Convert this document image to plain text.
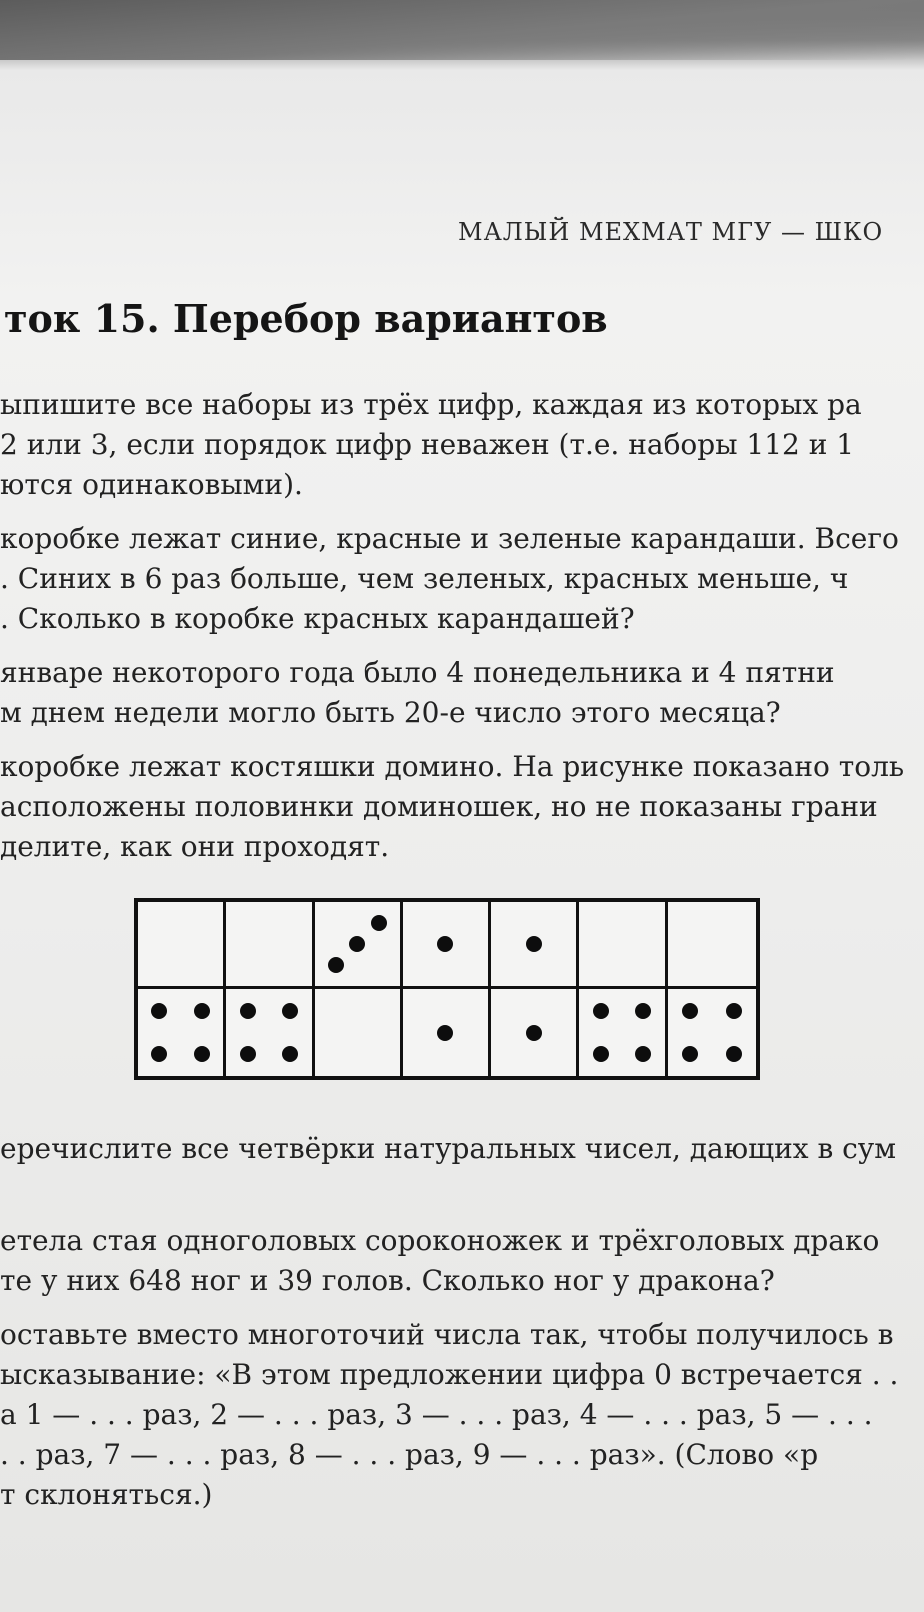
МАЛЫЙ МЕХМАТ МГУ — ШКО
ток 15. Перебор вариантов
ыпишите все наборы из трёх цифр, каждая из которых ра
2 или 3, если порядок цифр неважен (т.е. наборы 112 и 1
ются одинаковыми).
коробке лежат синие, красные и зеленые карандаши. Всего
. Синих в 6 раз больше, чем зеленых, красных меньше, ч
. Сколько в коробке красных карандашей?
январе некоторого года было 4 понедельника и 4 пятни
м днем недели могло быть 20-е число этого месяца?
коробке лежат костяшки домино. На рисунке показано толь
асположены половинки доминошек, но не показаны грани
делите, как они проходят.
еречислите все четвёрки натуральных чисел, дающих в сум
етела стая одноголовых сороконожек и трёхголовых драко
те у них 648 ног и 39 голов. Сколько ног у дракона?
оставьте вместо многоточий числа так, чтобы получилось в
ысказывание: «В этом предложении цифра 0 встречается . .
а 1 — . . . раз, 2 — . . . раз, 3 — . . . раз, 4 — . . . раз, 5 — . . .
. . раз, 7 — . . . раз, 8 — . . . раз, 9 — . . . раз». (Слово «р
т склоняться.)
